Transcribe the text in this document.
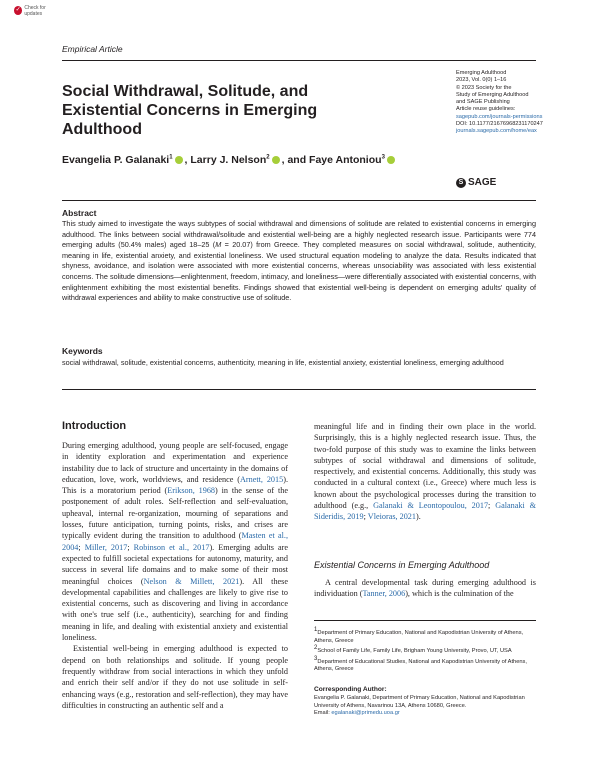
✓ Check for updates
Empirical Article
Social Withdrawal, Solitude, and Existential Concerns in Emerging Adulthood
Emerging Adulthood
2023, Vol. 0(0) 1–16
© 2023 Society for the
Study of Emerging Adulthood
and SAGE Publishing
Article reuse guidelines:
sagepub.com/journals-permissions
DOI: 10.1177/21676968231170247
journals.sagepub.com/home/eax
S SAGE
Evangelia P. Galanaki$^1$ , Larry J. Nelson$^2$ , and Faye Antoniou$^3$
Abstract
This study aimed to investigate the ways subtypes of social withdrawal and dimensions of solitude are related to existential concerns in emerging adulthood. The links between social withdrawal/solitude and existential well-being are a highly neglected research issue. Participants were 774 emerging adults (50.4% males) aged 18–25 (M = 20.07) from Greece. They completed measures on social withdrawal, solitude, authenticity, meaning in life, existential anxiety, and existential loneliness. We used structural equation modeling to analyze the data. Results indicated that shyness, avoidance, and isolation were associated with more existential concerns, whereas unsociability was associated with less existential concerns. The solitude dimensions—enlightenment, freedom, intimacy, and loneliness—were differentially associated with existential concerns, with enlightenment exhibiting the most existential benefits. Findings showed that existential well-being is dependent on emerging adults' quality of withdrawal experiences and ability to make constructive use of solitude.
Keywords
social withdrawal, solitude, existential concerns, authenticity, meaning in life, existential anxiety, existential loneliness, emerging adulthood
Introduction

During emerging adulthood, young people are self-focused, engage in identity exploration and experimentation and experience instability due to lack of structure and uncertainty in the domains of education, love, work, worldviews, and residence (Arnett, 2015). This is a moratorium period (Erikson, 1968) in the sense of the postponement of adult roles. Self-reflection and self-evaluation, upheaval, internal re-organization, mourning of separations and losses, future anticipation, turning points, risks, and crises are typically evident during the transition to adulthood (Masten et al., 2004; Miller, 2017; Robinson et al., 2017). Emerging adults are expected to fulfill societal expectations for autonomy, maturity, and success in several life domains and to make some of their most meaningful choices (Nelson & Millett, 2021). All these developmental capabilities and challenges are likely to give rise to existential concerns, such as discovering and living in accordance with one's true self (i.e., authenticity), searching for and finding meaning in life, and dealing with existential anxiety and existential loneliness.

Existential well-being in emerging adulthood is expected to depend on both relationships and solitude. If young people frequently withdraw from social interactions in which they unfold and enrich their self and/or if they do not use solitude in self-enhancing ways (e.g., restoration and self-reflection), they may have difficulties in constructing an authentic self and a

meaningful life and in finding their own place in the world. Surprisingly, this is a highly neglected research issue. Thus, the two-fold purpose of this study was to examine the links between subtypes of social withdrawal and dimensions of solitude, respectively, and existential concerns. Additionally, this study was conducted in a cultural context (i.e., Greece) where much less is known about the psychological processes during the transition to adulthood (e.g., Galanaki & Leontopoulou, 2017; Galanaki & Sideridis, 2019; Vleioras, 2021).

Existential Concerns in Emerging Adulthood

A central developmental task during emerging adulthood is individuation (Tanner, 2006), which is the culmination of the

$^1$Department of Primary Education, National and Kapodistrian University of Athens, Athens, Greece
$^2$School of Family Life, Family Life, Brigham Young University, Provo, UT, USA
$^3$Department of Educational Studies, National and Kapodistrian University of Athens, Athens, Greece
Corresponding Author:
Evangelia P. Galanaki, Department of Primary Education, National and Kapodistrian University of Athens, Navarinou 13A, Athens 10680, Greece.
Email: egalanaki@primedu.uoa.gr
